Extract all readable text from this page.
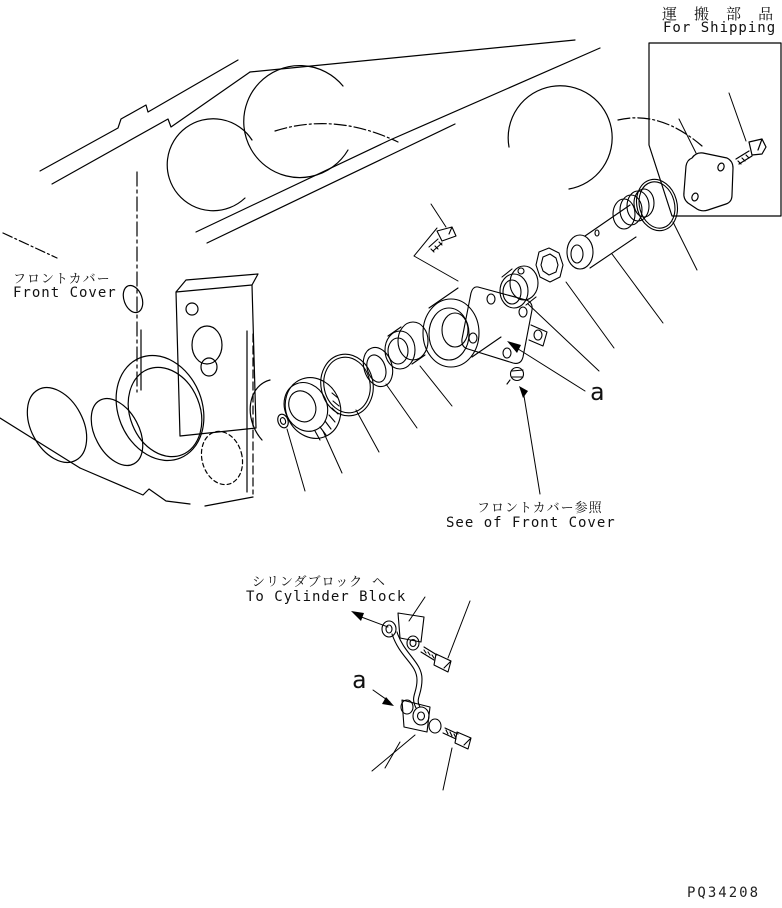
運 搬 部 品
For Shipping
フロントカバー
Front Cover
a
フロントカバー参照
See of Front Cover
シリンダブロック ヘ
To Cylinder Block
a
PQ34208
